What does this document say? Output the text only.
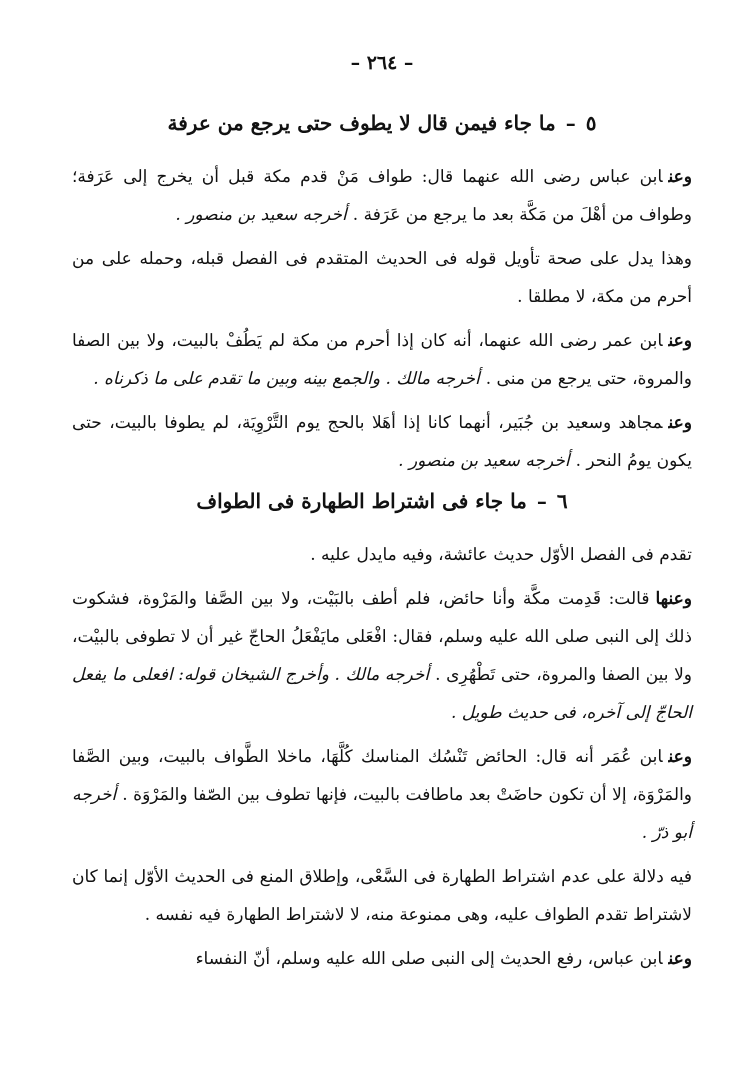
– ٢٦٤ –
٥–ما جاء فيمن قال لا يطوف حتى يرجع من عرفة

وعنابن عباس رضى الله عنهما قال: طواف مَنْ قدم مكة قبل أن يخرج إلى عَرَفة؛ وطواف من أهْلَ من مَكَّة بعد ما يرجع من عَرَفة .أخرجه سعيد بن منصور .

وهذا يدل على صحة تأويل قوله فى الحديث المتقدم فى الفصل قبله، وحمله على من أحرم من مكة، لا مطلقا .

وعنابن عمر رضى الله عنهما، أنه كان إذا أحرم من مكة لم يَطُفْ بالبيت، ولا بين الصفا والمروة، حتى يرجع من منى .أخرجه مالك . والجمع بينه وبين ما تقدم على ما ذكرناه .

وعنمجاهد وسعيد بن جُبَير، أنهما كانا إذا أهَلا بالحج يوم التَّرْوِيَة، لم يطوفا بالبيت، حتى يكون يومُ النحر .أخرجه سعيد بن منصور .

٦–ما جاء فى اشتراط الطهارة فى الطواف

تقدم فى الفصل الأوّل حديث عائشة، وفيه مايدل عليه .

وعنهاقالت: قَدِمت مكَّة وأنا حائض، فلم أطف بالبَيْت، ولا بين الصَّفا والمَرْوة، فشكوت ذلك إلى النبى صلى الله عليه وسلم، فقال: افْعَلى مايَفْعَلُ الحاجّ غير أن لا تطوفى بالبيْت، ولا بين الصفا والمروة، حتى تَطْهُرِى .أخرجه مالك . وأخرج الشيخان قوله: افعلى ما يفعل الحاجّ إلى آخره، فى حديث طويل .

وعنابن عُمَر أنه قال: الحائض تَنْسُك المناسك كُلَّهَا، ماخلا الطَّواف بالبيت، وبين الصَّفا والمَرْوَة، إلا أن تكون حاضَتْ بعد ماطافت بالبيت، فإنها تطوف بين الصّفا والمَرْوَة .أخرجه أبو ذرّ .

فيه دلالة على عدم اشتراط الطهارة فى السَّعْى، وإطلاق المنع فى الحديث الأوّل إنما كان لاشتراط تقدم الطواف عليه، وهى ممنوعة منه، لا لاشتراط الطهارة فيه نفسه .

وعنابن عباس، رفع الحديث إلى النبى صلى الله عليه وسلم، أنّ النفساء
